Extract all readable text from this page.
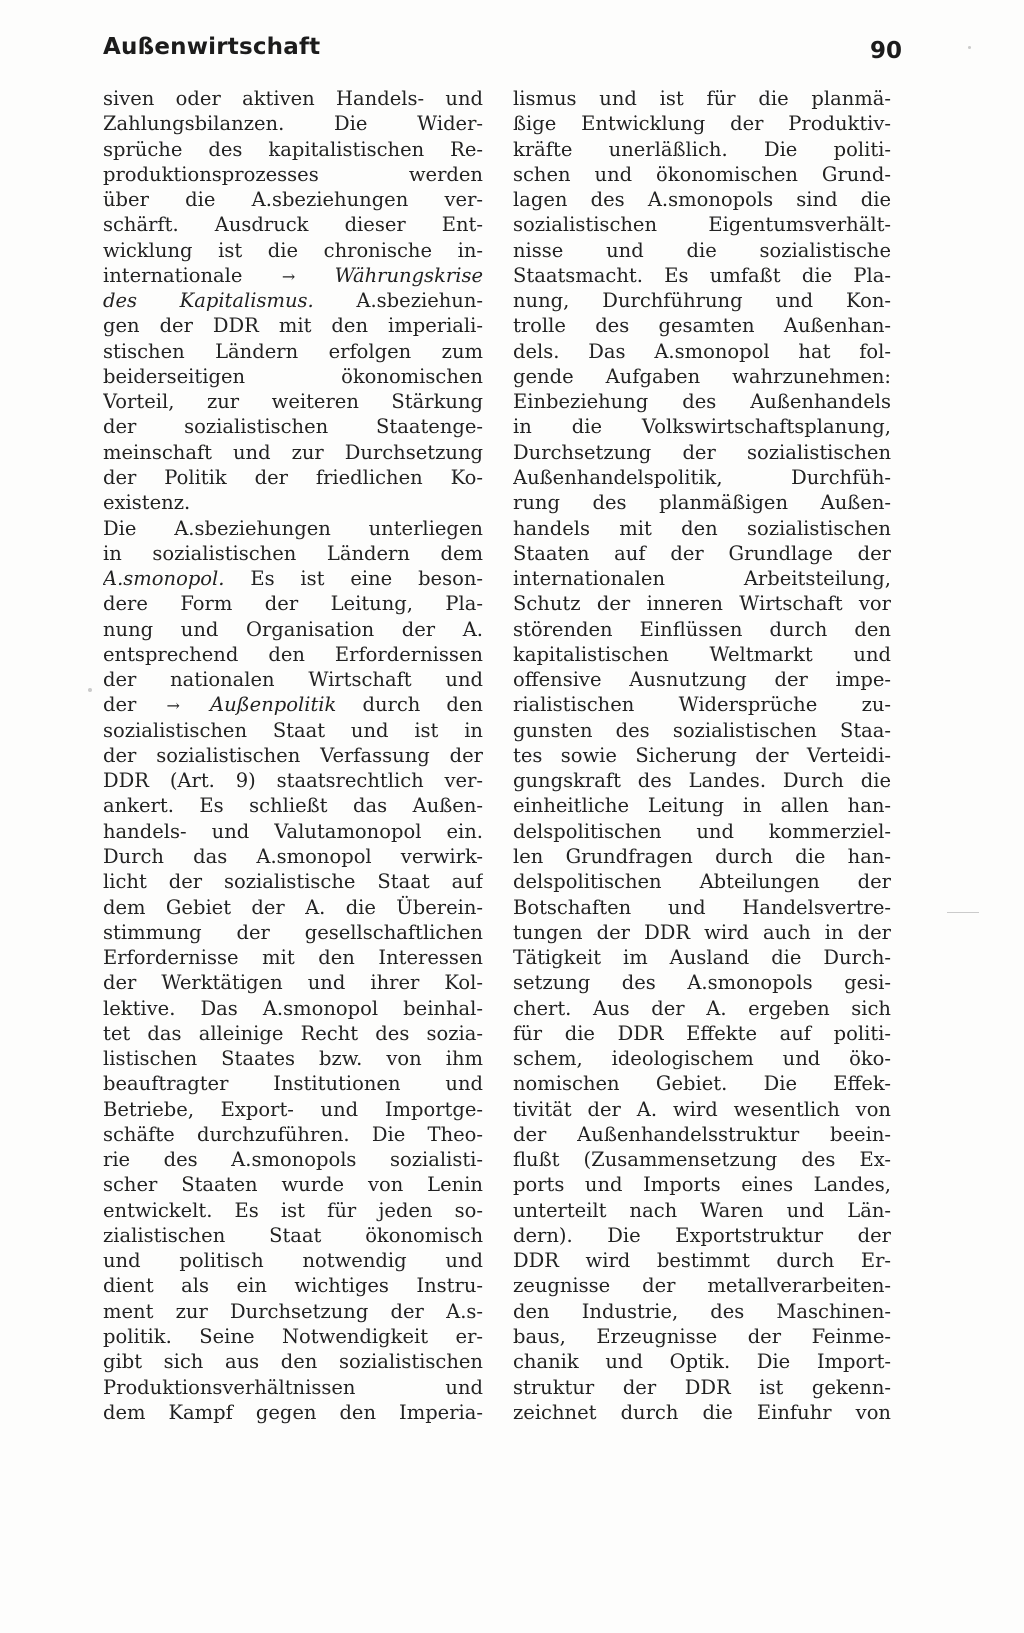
Außenwirtschaft	90
siven oder aktiven Handels- und
Zahlungsbilanzen. Die Wider-
sprüche des kapitalistischen Re-
produktionsprozesses werden
über die A.sbeziehungen ver-
schärft. Ausdruck dieser Ent-
wicklung ist die chronische in-
internationale → Währungskrise
des Kapitalismus. A.sbeziehun-
gen der DDR mit den imperiali-
stischen Ländern erfolgen zum
beiderseitigen ökonomischen
Vorteil, zur weiteren Stärkung
der sozialistischen Staatenge-
meinschaft und zur Durchsetzung
der Politik der friedlichen Ko-
existenz.
Die A.sbeziehungen unterliegen
in sozialistischen Ländern dem
A.smonopol. Es ist eine beson-
dere Form der Leitung, Pla-
nung und Organisation der A.
entsprechend den Erfordernissen
der nationalen Wirtschaft und
der → Außenpolitik durch den
sozialistischen Staat und ist in
der sozialistischen Verfassung der
DDR (Art. 9) staatsrechtlich ver-
ankert. Es schließt das Außen-
handels- und Valutamonopol ein.
Durch das A.smonopol verwirk-
licht der sozialistische Staat auf
dem Gebiet der A. die Überein-
stimmung der gesellschaftlichen
Erfordernisse mit den Interessen
der Werktätigen und ihrer Kol-
lektive. Das A.smonopol beinhal-
tet das alleinige Recht des sozia-
listischen Staates bzw. von ihm
beauftragter Institutionen und
Betriebe, Export- und Importge-
schäfte durchzuführen. Die Theo-
rie des A.smonopols sozialisti-
scher Staaten wurde von Lenin
entwickelt. Es ist für jeden so-
zialistischen Staat ökonomisch
und politisch notwendig und
dient als ein wichtiges Instru-
ment zur Durchsetzung der A.s-
politik. Seine Notwendigkeit er-
gibt sich aus den sozialistischen
Produktionsverhältnissen und
dem Kampf gegen den Imperia-
lismus und ist für die planmä-
ßige Entwicklung der Produktiv-
kräfte unerläßlich. Die politi-
schen und ökonomischen Grund-
lagen des A.smonopols sind die
sozialistischen Eigentumsverhält-
nisse und die sozialistische
Staatsmacht. Es umfaßt die Pla-
nung, Durchführung und Kon-
trolle des gesamten Außenhan-
dels. Das A.smonopol hat fol-
gende Aufgaben wahrzunehmen:
Einbeziehung des Außenhandels
in die Volkswirtschaftsplanung,
Durchsetzung der sozialistischen
Außenhandelspolitik, Durchfüh-
rung des planmäßigen Außen-
handels mit den sozialistischen
Staaten auf der Grundlage der
internationalen Arbeitsteilung,
Schutz der inneren Wirtschaft vor
störenden Einflüssen durch den
kapitalistischen Weltmarkt und
offensive Ausnutzung der impe-
rialistischen Widersprüche zu-
gunsten des sozialistischen Staa-
tes sowie Sicherung der Verteidi-
gungskraft des Landes. Durch die
einheitliche Leitung in allen han-
delspolitischen und kommerziel-
len Grundfragen durch die han-
delspolitischen Abteilungen der
Botschaften und Handelsvertre-
tungen der DDR wird auch in der
Tätigkeit im Ausland die Durch-
setzung des A.smonopols gesi-
chert. Aus der A. ergeben sich
für die DDR Effekte auf politi-
schem, ideologischem und öko-
nomischen Gebiet. Die Effek-
tivität der A. wird wesentlich von
der Außenhandelsstruktur beein-
flußt (Zusammensetzung des Ex-
ports und Imports eines Landes,
unterteilt nach Waren und Län-
dern). Die Exportstruktur der
DDR wird bestimmt durch Er-
zeugnisse der metallverarbeiten-
den Industrie, des Maschinen-
baus, Erzeugnisse der Feinme-
chanik und Optik. Die Import-
struktur der DDR ist gekenn-
zeichnet durch die Einfuhr von
